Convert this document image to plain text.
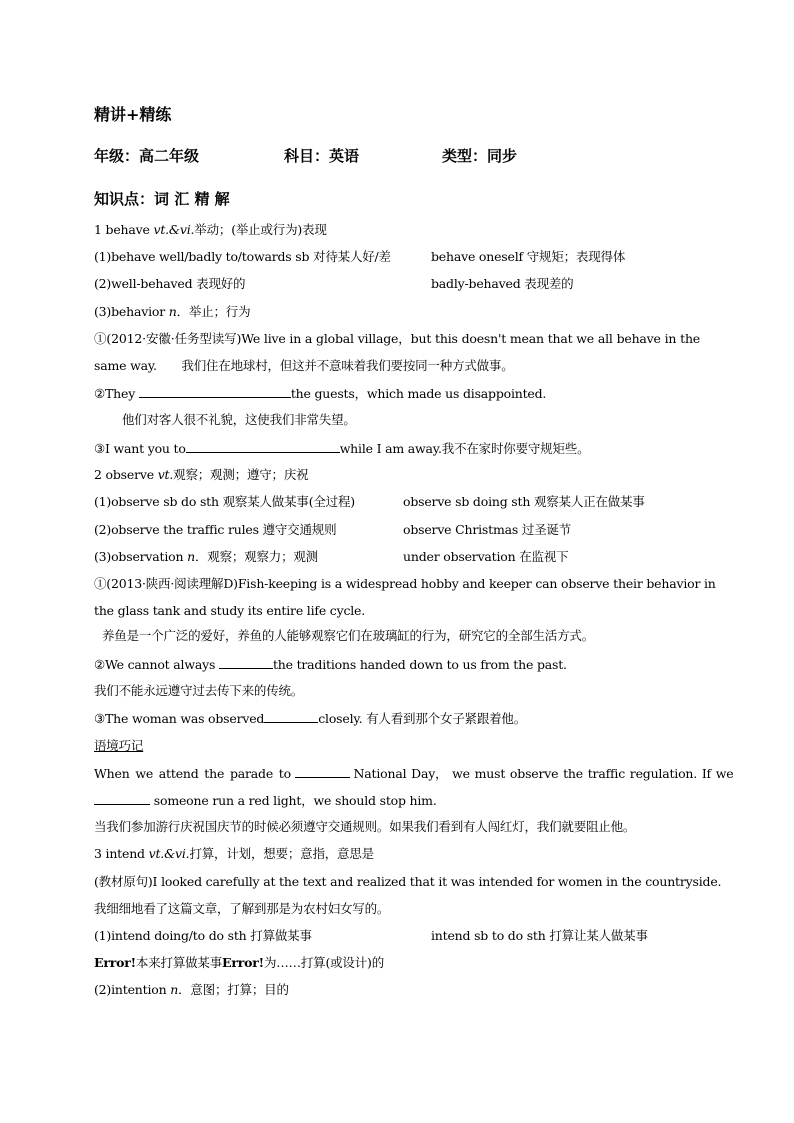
精讲+精练
年级：高二年级	科目：英语	类型：同步
知识点：词 汇 精 解
1 behave vt.&vi.举动；(举止或行为)表现
(1)behave well/badly to/towards sb 对待某人好/差	behave oneself 守规矩；表现得体
(2)well-behaved 表现好的	badly-behaved 表现差的
(3)behavior n．举止；行为
①(2012·安徽·任务型读写)We live in a global village，but this doesn't mean that we all behave in the
same way.　　我们住在地球村，但这并不意味着我们要按同一种方式做事。
②They	the guests，which made us disappointed.
他们对客人很不礼貌，这使我们非常失望。
③I want you to	while I am away.我不在家时你要守规矩些。
2 observe vt.观察；观测；遵守；庆祝
(1)observe sb do sth 观察某人做某事(全过程)	observe sb doing sth 观察某人正在做某事
(2)observe the traffic rules 遵守交通规则	observe Christmas 过圣诞节
(3)observation n．观察；观察力；观测	under observation 在监视下
①(2013·陕西·阅读理解D)Fish-keeping is a widespread hobby and keeper can observe their behavior in
the glass tank and study its entire life cycle.
养鱼是一个广泛的爱好，养鱼的人能够观察它们在玻璃缸的行为，研究它的全部生活方式。
②We cannot always	the traditions handed down to us from the past.
我们不能永远遵守过去传下来的传统。
③The woman was observed	closely. 有人看到那个女子紧跟着他。
语境巧记
When we attend the parade to	National Day， we must observe the traffic regulation. If we
someone run a red light，we should stop him.
当我们参加游行庆祝国庆节的时候必须遵守交通规则。如果我们看到有人闯红灯，我们就要阻止他。
3 intend vt.&vi.打算，计划，想要；意指，意思是
(教材原句)I looked carefully at the text and realized that it was intended for women in the countryside.
我细细地看了这篇文章，了解到那是为农村妇女写的。
(1)intend doing/to do sth 打算做某事	intend sb to do sth 打算让某人做某事
Error!本来打算做某事Error!为……打算(或设计)的
(2)intention n．意图；打算；目的
